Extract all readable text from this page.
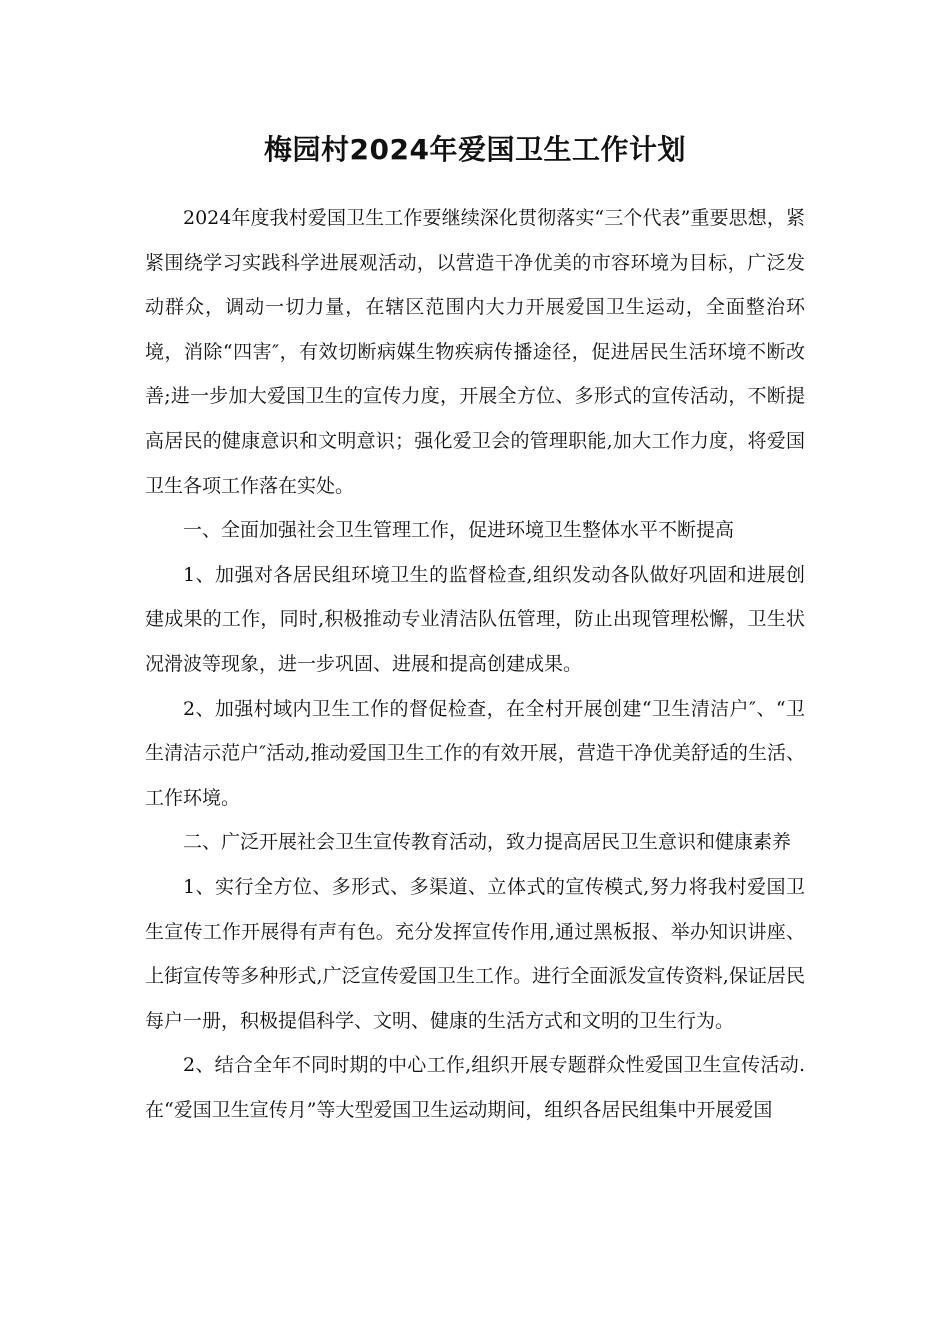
梅园村2024年爱国卫生工作计划

2024年度我村爱国卫生工作要继续深化贯彻落实“三个代表”重要思想，紧紧围绕学习实践科学进展观活动，以营造干净优美的市容环境为目标，广泛发动群众，调动一切力量，在辖区范围内大力开展爱国卫生运动，全面整治环境，消除“四害″，有效切断病媒生物疾病传播途径，促进居民生活环境不断改善;进一步加大爱国卫生的宣传力度，开展全方位、多形式的宣传活动，不断提高居民的健康意识和文明意识；强化爱卫会的管理职能,加大工作力度，将爱国卫生各项工作落在实处。

一、全面加强社会卫生管理工作，促进环境卫生整体水平不断提高

1、加强对各居民组环境卫生的监督检查,组织发动各队做好巩固和进展创建成果的工作，同时,积极推动专业清洁队伍管理，防止出现管理松懈，卫生状况滑波等现象，进一步巩固、进展和提高创建成果。

2、加强村域内卫生工作的督促检查，在全村开展创建“卫生清洁户″、“卫生清洁示范户″活动,推动爱国卫生工作的有效开展，营造干净优美舒适的生活、工作环境。

二、广泛开展社会卫生宣传教育活动，致力提高居民卫生意识和健康素养

1、实行全方位、多形式、多渠道、立体式的宣传模式,努力将我村爱国卫生宣传工作开展得有声有色。充分发挥宣传作用,通过黑板报、举办知识讲座、上街宣传等多种形式,广泛宣传爱国卫生工作。进行全面派发宣传资料,保证居民每户一册，积极提倡科学、文明、健康的生活方式和文明的卫生行为。

2、结合全年不同时期的中心工作,组织开展专题群众性爱国卫生宣传活动.在“爱国卫生宣传月”等大型爱国卫生运动期间，组织各居民组集中开展爱国
